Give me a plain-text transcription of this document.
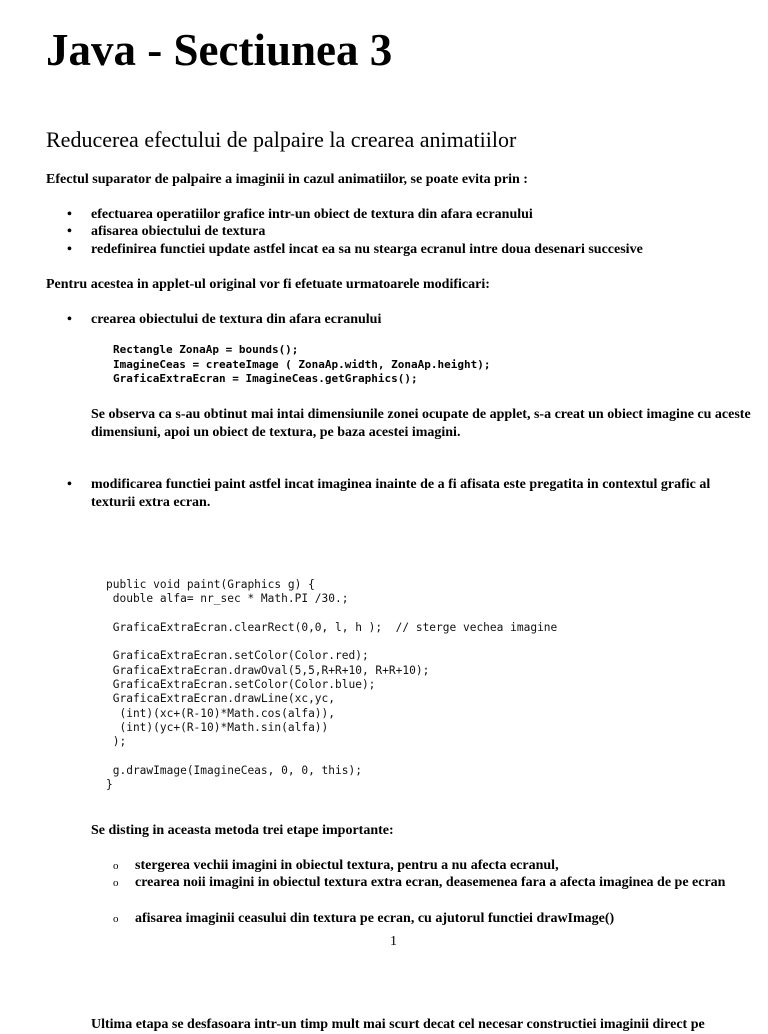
Java - Sectiunea 3
Reducerea efectului de palpaire la crearea animatiilor

Efectul suparator de palpaire a imaginii in cazul animatiilor, se poate evita prin :

• efectuarea operatiilor grafice intr-un obiect de textura din afara ecranului
• afisarea obiectului de textura
• redefinirea functiei update astfel incat ea sa nu stearga ecranul intre doua desenari succesive

Pentru acestea in applet-ul original vor fi efetuate urmatoarele modificari:

• crearea obiectului de textura din afara ecranului
Rectangle ZonaAp = bounds();
ImagineCeas = createImage ( ZonaAp.width, ZonaAp.height);
GraficaExtraEcran = ImagineCeas.getGraphics();

Se observa ca s-au obtinut mai intai dimensiunile zonei ocupate de applet, s-a creat un obiect imagine cu aceste dimensiuni, apoi un obiect de textura, pe baza acestei imagini.

• modificarea functiei paint astfel incat imaginea inainte de a fi afisata este pregatita in contextul grafic al texturii extra ecran.

public void paint(Graphics g) {
double alfa= nr_sec * Math.PI /30.;

GraficaExtraEcran.clearRect(0,0, l, h );  // sterge vechea imagine

GraficaExtraEcran.setColor(Color.red);
GraficaExtraEcran.drawOval(5,5,R+R+10, R+R+10);
GraficaExtraEcran.setColor(Color.blue);
GraficaExtraEcran.drawLine(xc,yc,
(int)(xc+(R-10)*Math.cos(alfa)),
(int)(yc+(R-10)*Math.sin(alfa))
);

g.drawImage(ImagineCeas, 0, 0, this);
}

Se disting in aceasta metoda trei etape importante:

o stergerea vechii imagini in obiectul textura, pentru a nu afecta ecranul,
o crearea noii imagini in obiectul textura extra ecran, deasemenea fara a afecta imaginea de pe ecran
o afisarea imaginii ceasului din textura pe ecran, cu ajutorul functiei drawImage()
1
Ultima etapa se desfasoara intr-un timp mult mai scurt decat cel necesar constructiei imaginii direct pe
